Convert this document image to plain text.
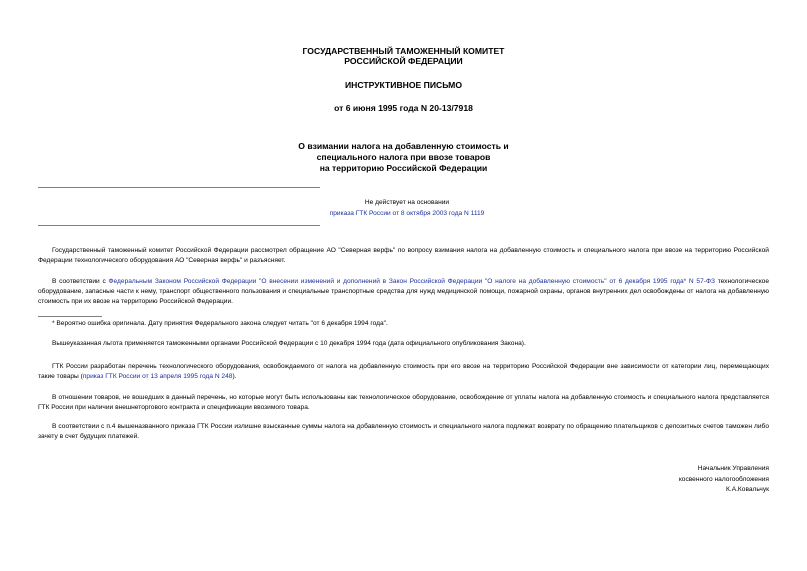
ГОСУДАРСТВЕННЫЙ ТАМОЖЕННЫЙ КОМИТЕТ
РОССИЙСКОЙ ФЕДЕРАЦИИ
ИНСТРУКТИВНОЕ ПИСЬМО
от 6 июня 1995 года N 20-13/7918
О взимании налога на добавленную стоимость и
специального налога при ввозе товаров
на территорию Российской Федерации
Не действует на основании
приказа ГТК России от 8 октября 2003 года N 1119
Государственный таможенный комитет Российской Федерации рассмотрел обращение АО "Северная верфь" по вопросу взимания налога на добавленную стоимость и специального налога при ввозе на территорию Российской Федерации технологического оборудования АО "Северная верфь" и разъясняет.
В соответствии с Федеральным Законом Российской Федерации "О внесении изменений и дополнений в Закон Российской Федерации "О налоге на добавленную стоимость" от 6 декабря 1995 года* N 57-ФЗ технологическое оборудование, запасные части к нему, транспорт общественного пользования и специальные транспортные средства для нужд медицинской помощи, пожарной охраны, органов внутренних дел освобождены от налога на добавленную стоимость при их ввозе на территорию Российской Федерации.
* Вероятно ошибка оригинала. Дату принятия Федерального закона следует читать "от 6 декабря 1994 года".
Вышеуказанная льгота применяется таможенными органами Российской Федерации с 10 декабря 1994 года (дата официального опубликования Закона).
ГТК России разработан перечень технологического оборудования, освобождаемого от налога на добавленную стоимость при его ввозе на территорию Российской Федерации вне зависимости от категории лиц, перемещающих такие товары (приказ ГТК России от 13 апреля 1995 года N 248).
В отношении товаров, не вошедших в данный перечень, но которые могут быть использованы как технологическое оборудование, освобождение от уплаты налога на добавленную стоимость и специального налога представляется ГТК России при наличии внешнеторгового контракта и спецификации ввозимого товара.
В соответствии с п.4 вышеназванного приказа ГТК России излишне взысканные суммы налога на добавленную стоимость и специального налога подлежат возврату по обращению плательщиков с депозитных счетов таможен либо зачету в счет будущих платежей.
Начальник Управления
косвенного налогообложения
К.А.Ковальчук
